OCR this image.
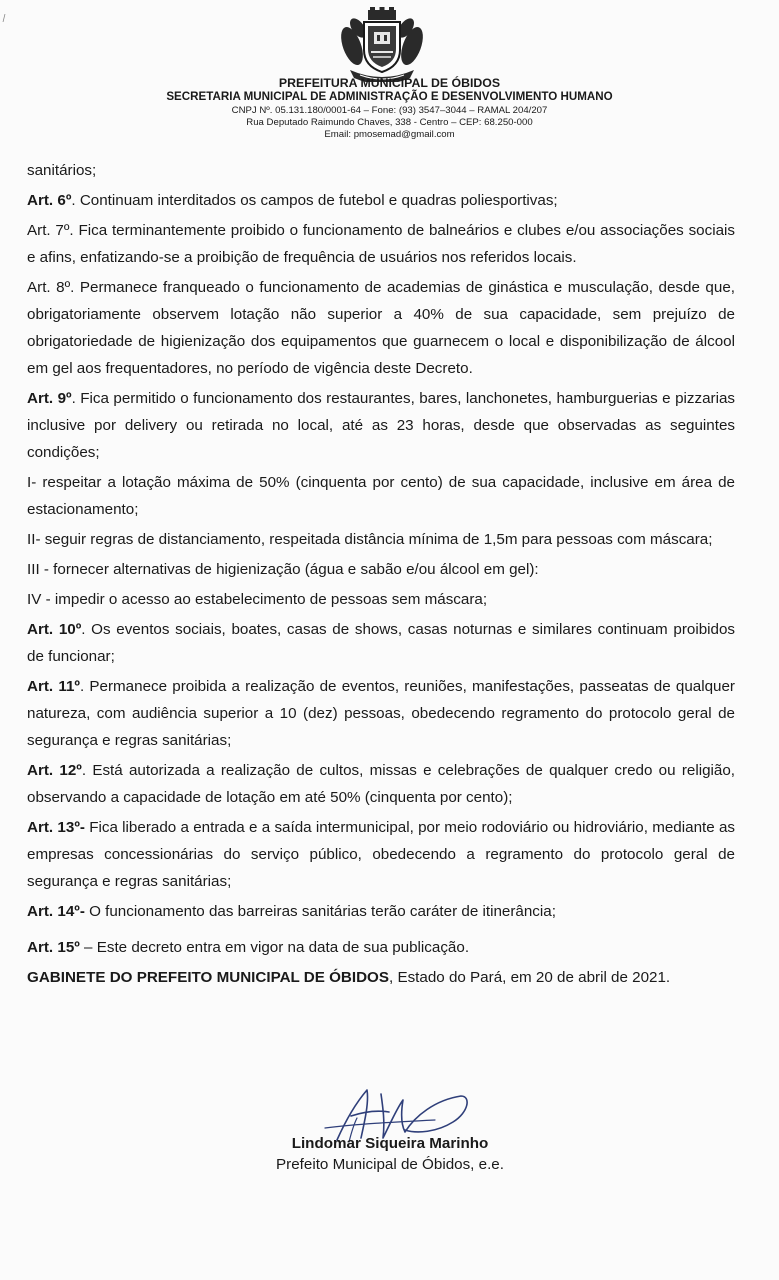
PREFEITURA MUNICIPAL DE ÓBIDOS
SECRETARIA MUNICIPAL DE ADMINISTRAÇÃO E DESENVOLVIMENTO HUMANO
CNPJ Nº. 05.131.180/0001-64 – Fone: (93) 3547–3044 – RAMAL 204/207
Rua Deputado Raimundo Chaves, 338 - Centro – CEP: 68.250-000
Email: pmosemad@gmail.com

sanitários;

Art. 6º. Continuam interditados os campos de futebol e quadras poliesportivas;

Art. 7º. Fica terminantemente proibido o funcionamento de balneários e clubes e/ou associações sociais e afins, enfatizando-se a proibição de frequência de usuários nos referidos locais.

Art. 8º. Permanece franqueado o funcionamento de academias de ginástica e musculação, desde que, obrigatoriamente observem lotação não superior a 40% de sua capacidade, sem prejuízo de obrigatoriedade de higienização dos equipamentos que guarnecem o local e disponibilização de álcool em gel aos frequentadores, no período de vigência deste Decreto.

Art. 9º. Fica permitido o funcionamento dos restaurantes, bares, lanchonetes, hamburguerias e pizzarias inclusive por delivery ou retirada no local, até as 23 horas, desde que observadas as seguintes condições;

I- respeitar a lotação máxima de 50% (cinquenta por cento) de sua capacidade, inclusive em área de estacionamento;

II- seguir regras de distanciamento, respeitada distância mínima de 1,5m para pessoas com máscara;

III - fornecer alternativas de higienização (água e sabão e/ou álcool em gel):

IV - impedir o acesso ao estabelecimento de pessoas sem máscara;

Art. 10º. Os eventos sociais, boates, casas de shows, casas noturnas e similares continuam proibidos de funcionar;

Art. 11º. Permanece proibida a realização de eventos, reuniões, manifestações, passeatas de qualquer natureza, com audiência superior a 10 (dez) pessoas, obedecendo regramento do protocolo geral de segurança e regras sanitárias;

Art. 12º. Está autorizada a realização de cultos, missas e celebrações de qualquer credo ou religião, observando a capacidade de lotação em até 50% (cinquenta por cento);

Art. 13º- Fica liberado a entrada e a saída intermunicipal, por meio rodoviário ou hidroviário, mediante as empresas concessionárias do serviço público, obedecendo a regramento do protocolo geral de segurança e regras sanitárias;

Art. 14º- O funcionamento das barreiras sanitárias terão caráter de itinerância;

Art. 15º – Este decreto entra em vigor na data de sua publicação.

GABINETE DO PREFEITO MUNICIPAL DE ÓBIDOS, Estado do Pará, em 20 de abril de 2021.

Lindomar Siqueira Marinho
Prefeito Municipal de Óbidos, e.e.
